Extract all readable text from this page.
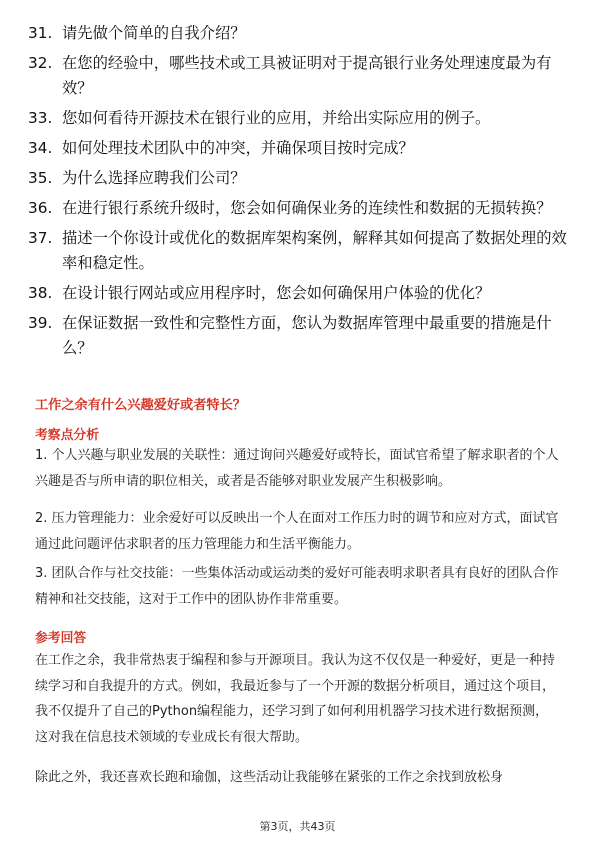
31. 请先做个简单的自我介绍？
32. 在您的经验中，哪些技术或工具被证明对于提高银行业务处理速度最为有效？
33. 您如何看待开源技术在银行业的应用，并给出实际应用的例子。
34. 如何处理技术团队中的冲突，并确保项目按时完成？
35. 为什么选择应聘我们公司？
36. 在进行银行系统升级时，您会如何确保业务的连续性和数据的无损转换？
37. 描述一个你设计或优化的数据库架构案例，解释其如何提高了数据处理的效率和稳定性。
38. 在设计银行网站或应用程序时，您会如何确保用户体验的优化？
39. 在保证数据一致性和完整性方面，您认为数据库管理中最重要的措施是什么？
工作之余有什么兴趣爱好或者特长？
考察点分析
1. 个人兴趣与职业发展的关联性：通过询问兴趣爱好或特长，面试官希望了解求职者的个人兴趣是否与所申请的职位相关，或者是否能够对职业发展产生积极影响。
2. 压力管理能力：业余爱好可以反映出一个人在面对工作压力时的调节和应对方式，面试官通过此问题评估求职者的压力管理能力和生活平衡能力。
3. 团队合作与社交技能：一些集体活动或运动类的爱好可能表明求职者具有良好的团队合作精神和社交技能，这对于工作中的团队协作非常重要。
参考回答
在工作之余，我非常热衷于编程和参与开源项目。我认为这不仅仅是一种爱好，更是一种持续学习和自我提升的方式。例如，我最近参与了一个开源的数据分析项目，通过这个项目，我不仅提升了自己的Python编程能力，还学习到了如何利用机器学习技术进行数据预测，这对我在信息技术领域的专业成长有很大帮助。
除此之外，我还喜欢长跑和瑜伽，这些活动让我能够在紧张的工作之余找到放松身
第3页，共43页
